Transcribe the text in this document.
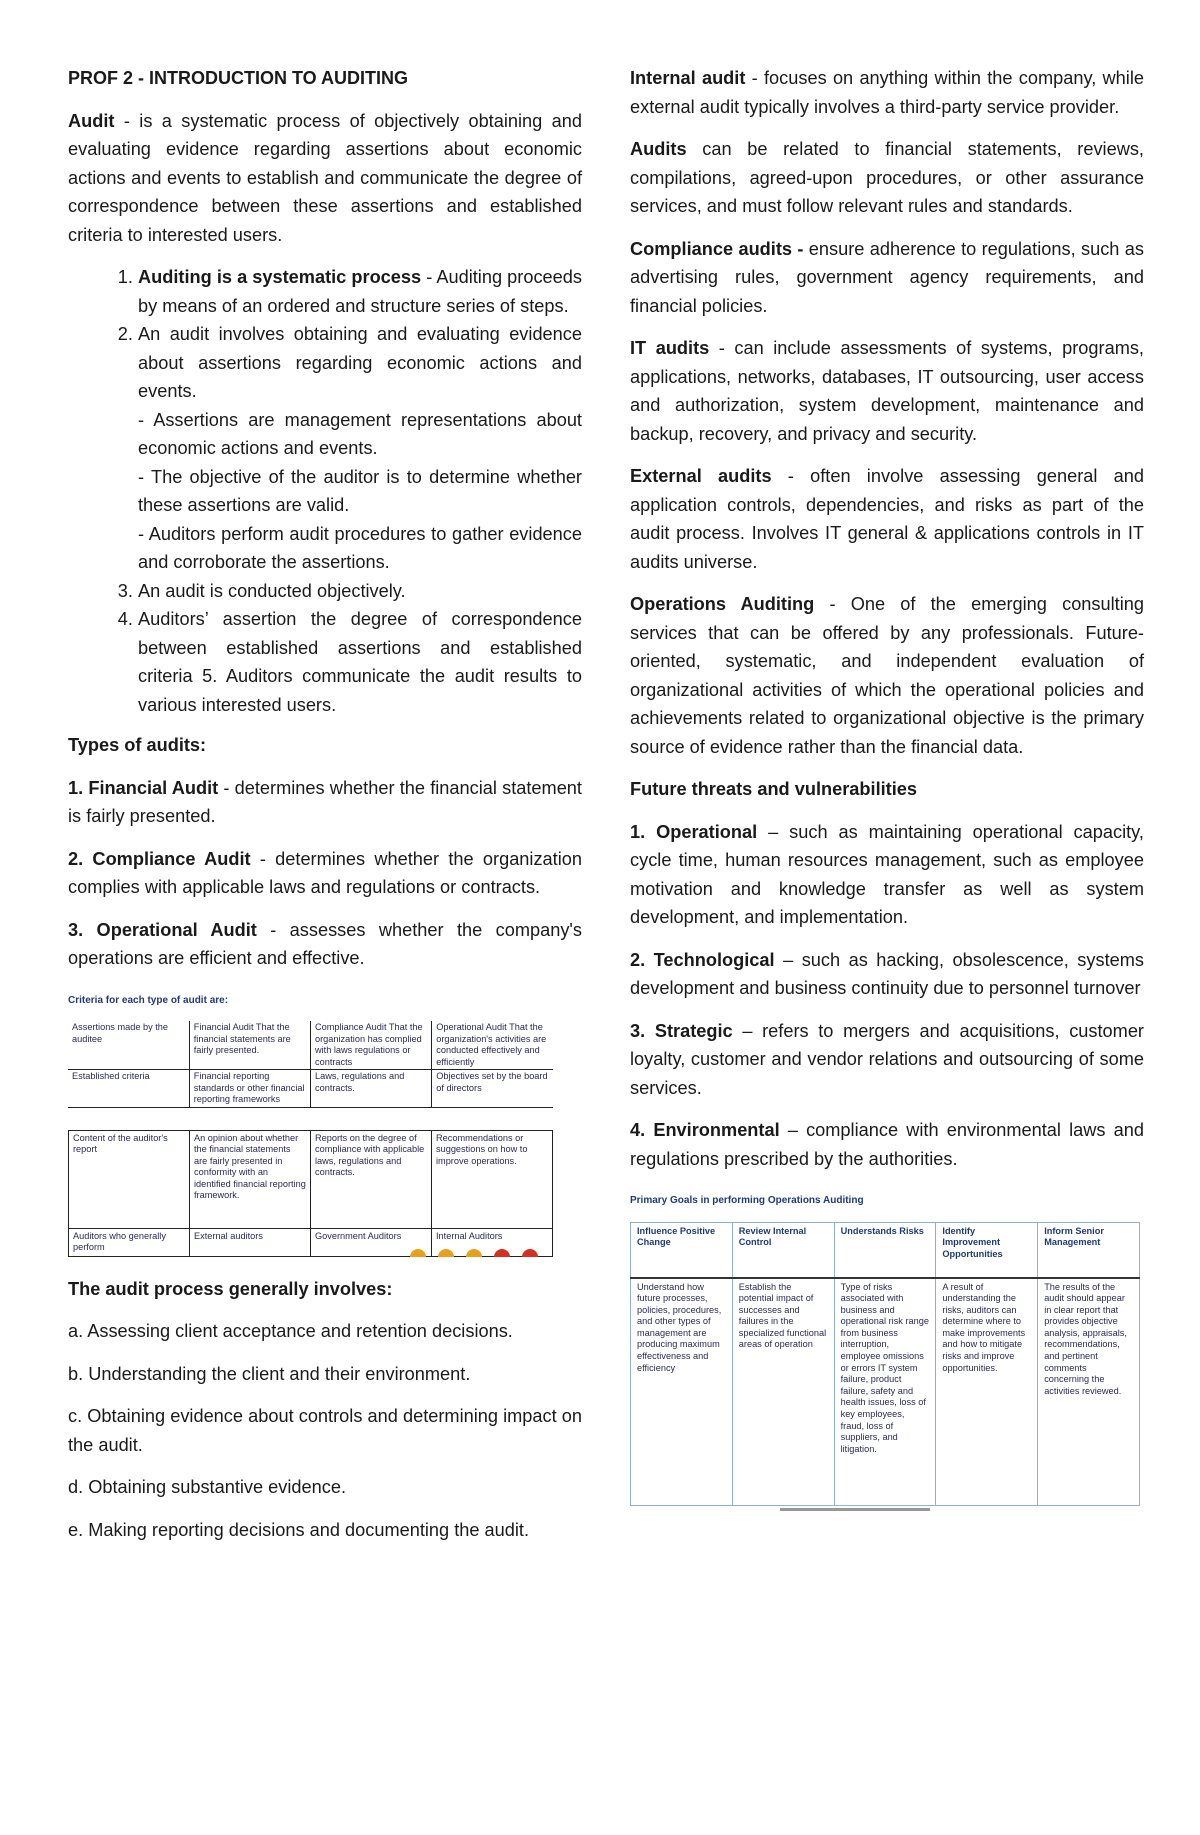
PROF 2 - INTRODUCTION TO AUDITING

Audit - is a systematic process of objectively obtaining and evaluating evidence regarding assertions about economic actions and events to establish and communicate the degree of correspondence between these assertions and established criteria to interested users.

1. Auditing is a systematic process - Auditing proceeds by means of an ordered and structure series of steps.
2. An audit involves obtaining and evaluating evidence about assertions regarding economic actions and events.
- Assertions are management representations about economic actions and events.
- The objective of the auditor is to determine whether these assertions are valid.
- Auditors perform audit procedures to gather evidence and corroborate the assertions.
3. An audit is conducted objectively.
4. Auditors’ assertion the degree of correspondence between established assertions and established criteria 5. Auditors communicate the audit results to various interested users.

Types of audits:

1. Financial Audit - determines whether the financial statement is fairly presented.

2. Compliance Audit - determines whether the organization complies with applicable laws and regulations or contracts.

3. Operational Audit - assesses whether the company's operations are efficient and effective.

Criteria for each type of audit are:
Assertions made by the auditee	Financial Audit That the financial statements are fairly presented.	Compliance Audit That the organization has complied with laws regulations or contracts	Operational Audit That the organization's activities are conducted effectively and efficiently
Established criteria	Financial reporting standards or other financial reporting frameworks	Laws, regulations and contracts.	Objectives set by the board of directors
Content of the auditor's report	An opinion about whether the financial statements are fairly presented in conformity with an identified financial reporting framework.	Reports on the degree of compliance with applicable laws, regulations and contracts.	Recommendations or suggestions on how to improve operations.
Auditors who generally perform	External auditors	Government Auditors	Internal Auditors

The audit process generally involves:

a. Assessing client acceptance and retention decisions.

b. Understanding the client and their environment.

c. Obtaining evidence about controls and determining impact on the audit.

d. Obtaining substantive evidence.

e. Making reporting decisions and documenting the audit.

Internal audit - focuses on anything within the company, while external audit typically involves a third-party service provider.

Audits can be related to financial statements, reviews, compilations, agreed-upon procedures, or other assurance services, and must follow relevant rules and standards.

Compliance audits - ensure adherence to regulations, such as advertising rules, government agency requirements, and financial policies.

IT audits - can include assessments of systems, programs, applications, networks, databases, IT outsourcing, user access and authorization, system development, maintenance and backup, recovery, and privacy and security.

External audits - often involve assessing general and application controls, dependencies, and risks as part of the audit process. Involves IT general & applications controls in IT audits universe.

Operations Auditing - One of the emerging consulting services that can be offered by any professionals. Future-oriented, systematic, and independent evaluation of organizational activities of which the operational policies and achievements related to organizational objective is the primary source of evidence rather than the financial data.

Future threats and vulnerabilities

1. Operational – such as maintaining operational capacity, cycle time, human resources management, such as employee motivation and knowledge transfer as well as system development, and implementation.

2. Technological – such as hacking, obsolescence, systems development and business continuity due to personnel turnover

3. Strategic – refers to mergers and acquisitions, customer loyalty, customer and vendor relations and outsourcing of some services.

4. Environmental – compliance with environmental laws and regulations prescribed by the authorities.

Primary Goals in performing Operations Auditing
Influence Positive Change	Review Internal Control	Understands Risks	Identify Improvement Opportunities	Inform Senior Management
Understand how future processes, policies, procedures, and other types of management are producing maximum effectiveness and efficiency	Establish the potential impact of successes and failures in the specialized functional areas of operation	Type of risks associated with business and operational risk range from business interruption, employee omissions or errors IT system failure, product failure, safety and health issues, loss of key employees, fraud, loss of suppliers, and litigation.	A result of understanding the risks, auditors can determine where to make improvements and how to mitigate risks and improve opportunities.	The results of the audit should appear in clear report that provides objective analysis, appraisals, recommendations, and pertinent comments concerning the activities reviewed.
